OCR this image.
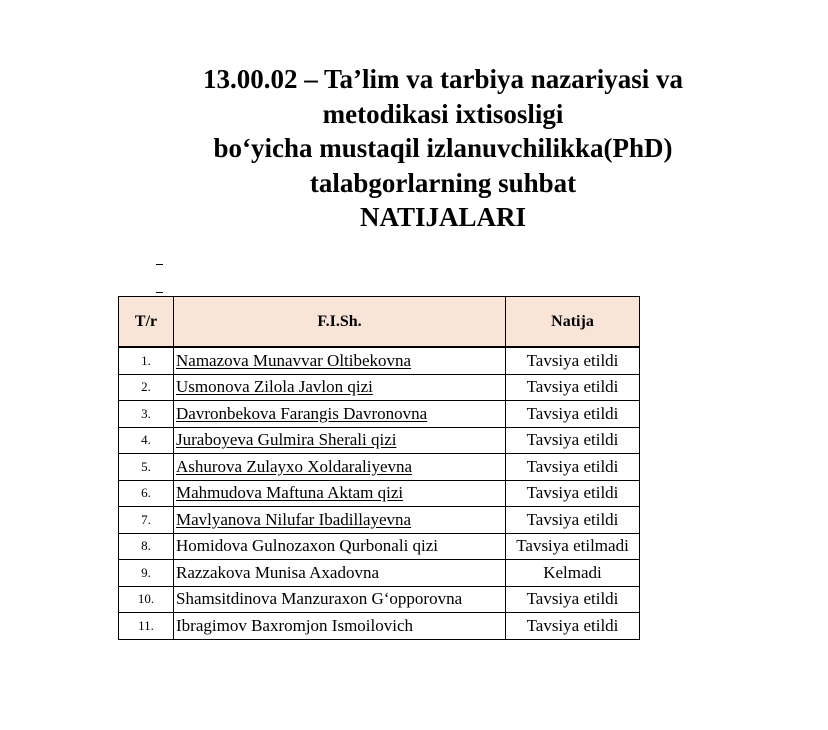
13.00.02 – Ta’lim va tarbiya nazariyasi va
metodikasi ixtisosligi
bo‘yicha mustaqil izlanuvchilikka(PhD)
talabgorlarning suhbat
NATIJALARI
T/r	F.I.Sh.	Natija
1.	Namazova Munavvar Oltibekovna	Tavsiya etildi
2.	Usmonova Zilola Javlon qizi	Tavsiya etildi
3.	Davronbekova Farangis Davronovna	Tavsiya etildi
4.	Juraboyeva Gulmira Sherali qizi	Tavsiya etildi
5.	Ashurova Zulayxo Xoldaraliyevna	Tavsiya etildi
6.	Mahmudova Maftuna Aktam qizi	Tavsiya etildi
7.	Mavlyanova Nilufar Ibadillayevna	Tavsiya etildi
8.	Homidova Gulnozaxon Qurbonali qizi	Tavsiya etilmadi
9.	Razzakova Munisa Axadovna	Kelmadi
10.	Shamsitdinova Manzuraxon G‘opporovna	Tavsiya etildi
11.	Ibragimov Baxromjon Ismoilovich	Tavsiya etildi
